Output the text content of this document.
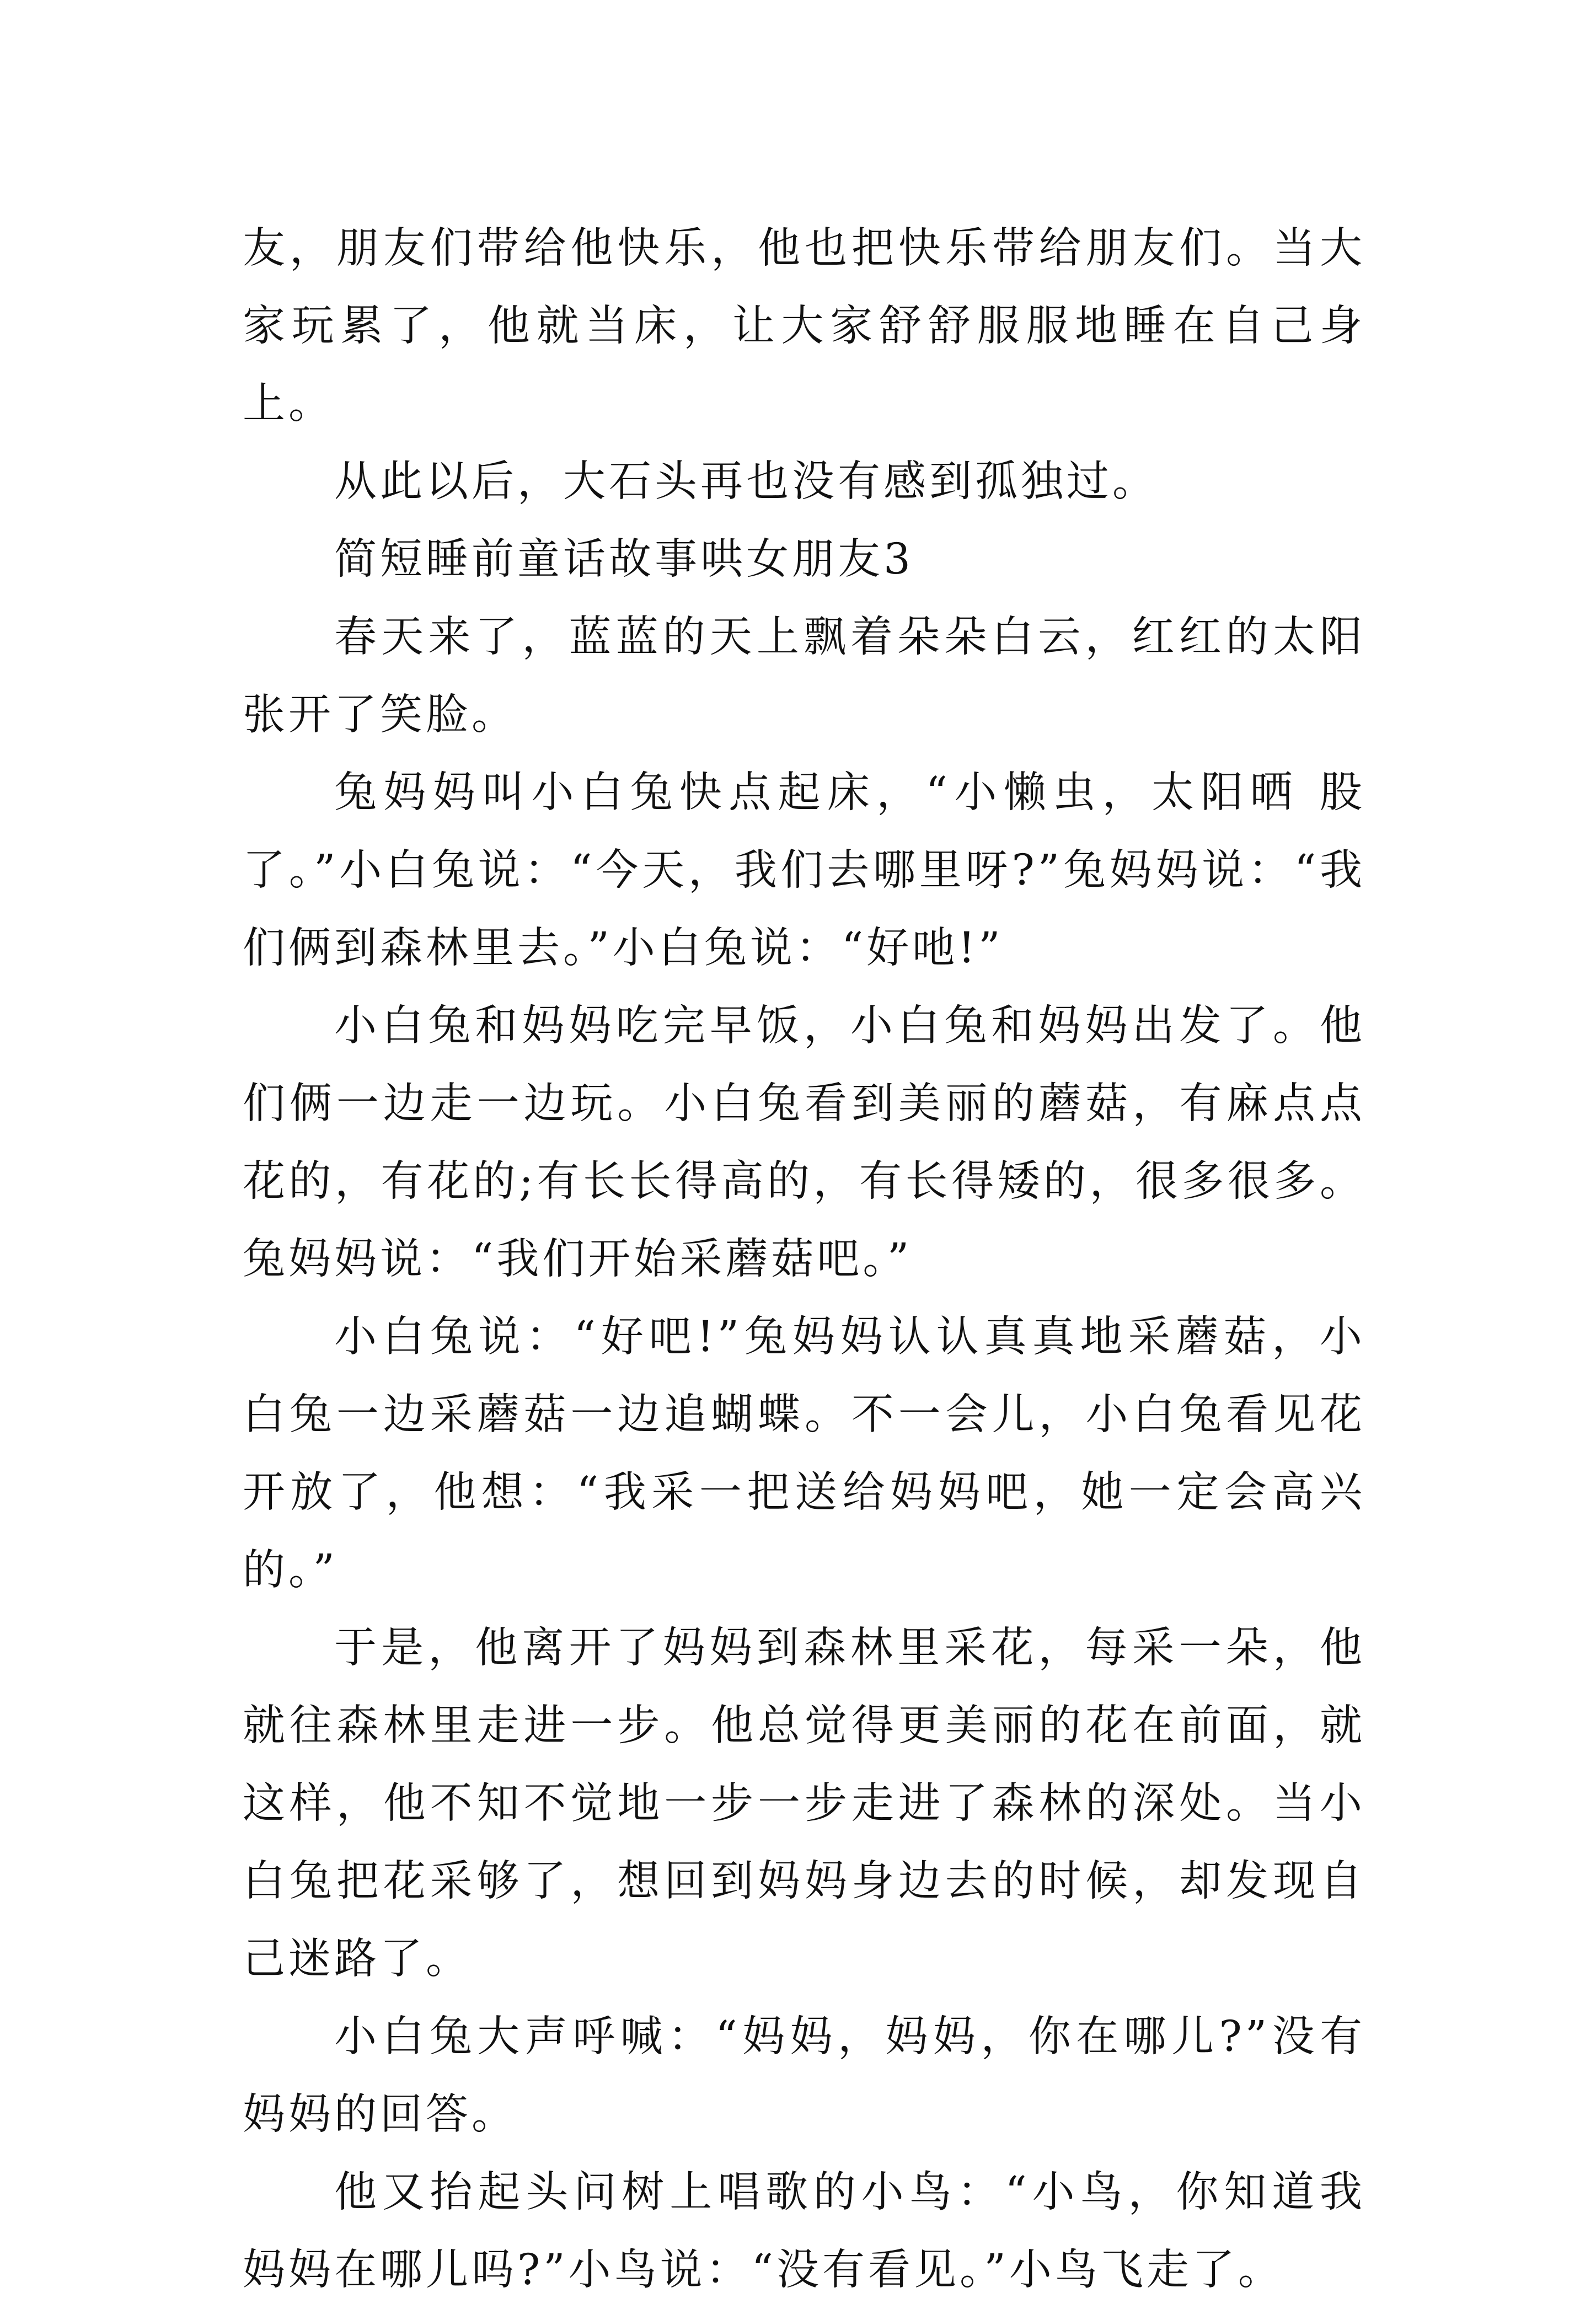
友，朋友们带给他快乐，他也把快乐带给朋友们。当大家玩累了，他就当床，让大家舒舒服服地睡在自己身上。

从此以后，大石头再也没有感到孤独过。

简短睡前童话故事哄女朋友3

春天来了，蓝蓝的天上飘着朵朵白云，红红的太阳张开了笑脸。

兔妈妈叫小白兔快点起床，“小懒虫，太阳晒 股了。”小白兔说：“今天，我们去哪里呀?”兔妈妈说：“我们俩到森林里去。”小白兔说：“好吔!”

小白兔和妈妈吃完早饭，小白兔和妈妈出发了。他们俩一边走一边玩。小白兔看到美丽的蘑菇，有麻点点花的，有花的;有长长得高的，有长得矮的，很多很多。兔妈妈说：“我们开始采蘑菇吧。”

小白兔说：“好吧!”兔妈妈认认真真地采蘑菇，小白兔一边采蘑菇一边追蝴蝶。不一会儿，小白兔看见花开放了，他想：“我采一把送给妈妈吧，她一定会高兴的。”

于是，他离开了妈妈到森林里采花，每采一朵，他就往森林里走进一步。他总觉得更美丽的花在前面，就这样，他不知不觉地一步一步走进了森林的深处。当小白兔把花采够了，想回到妈妈身边去的时候，却发现自己迷路了。

小白兔大声呼喊：“妈妈，妈妈，你在哪儿?”没有妈妈的回答。

他又抬起头问树上唱歌的小鸟：“小鸟，你知道我妈妈在哪儿吗?”小鸟说：“没有看见。”小鸟飞走了。
